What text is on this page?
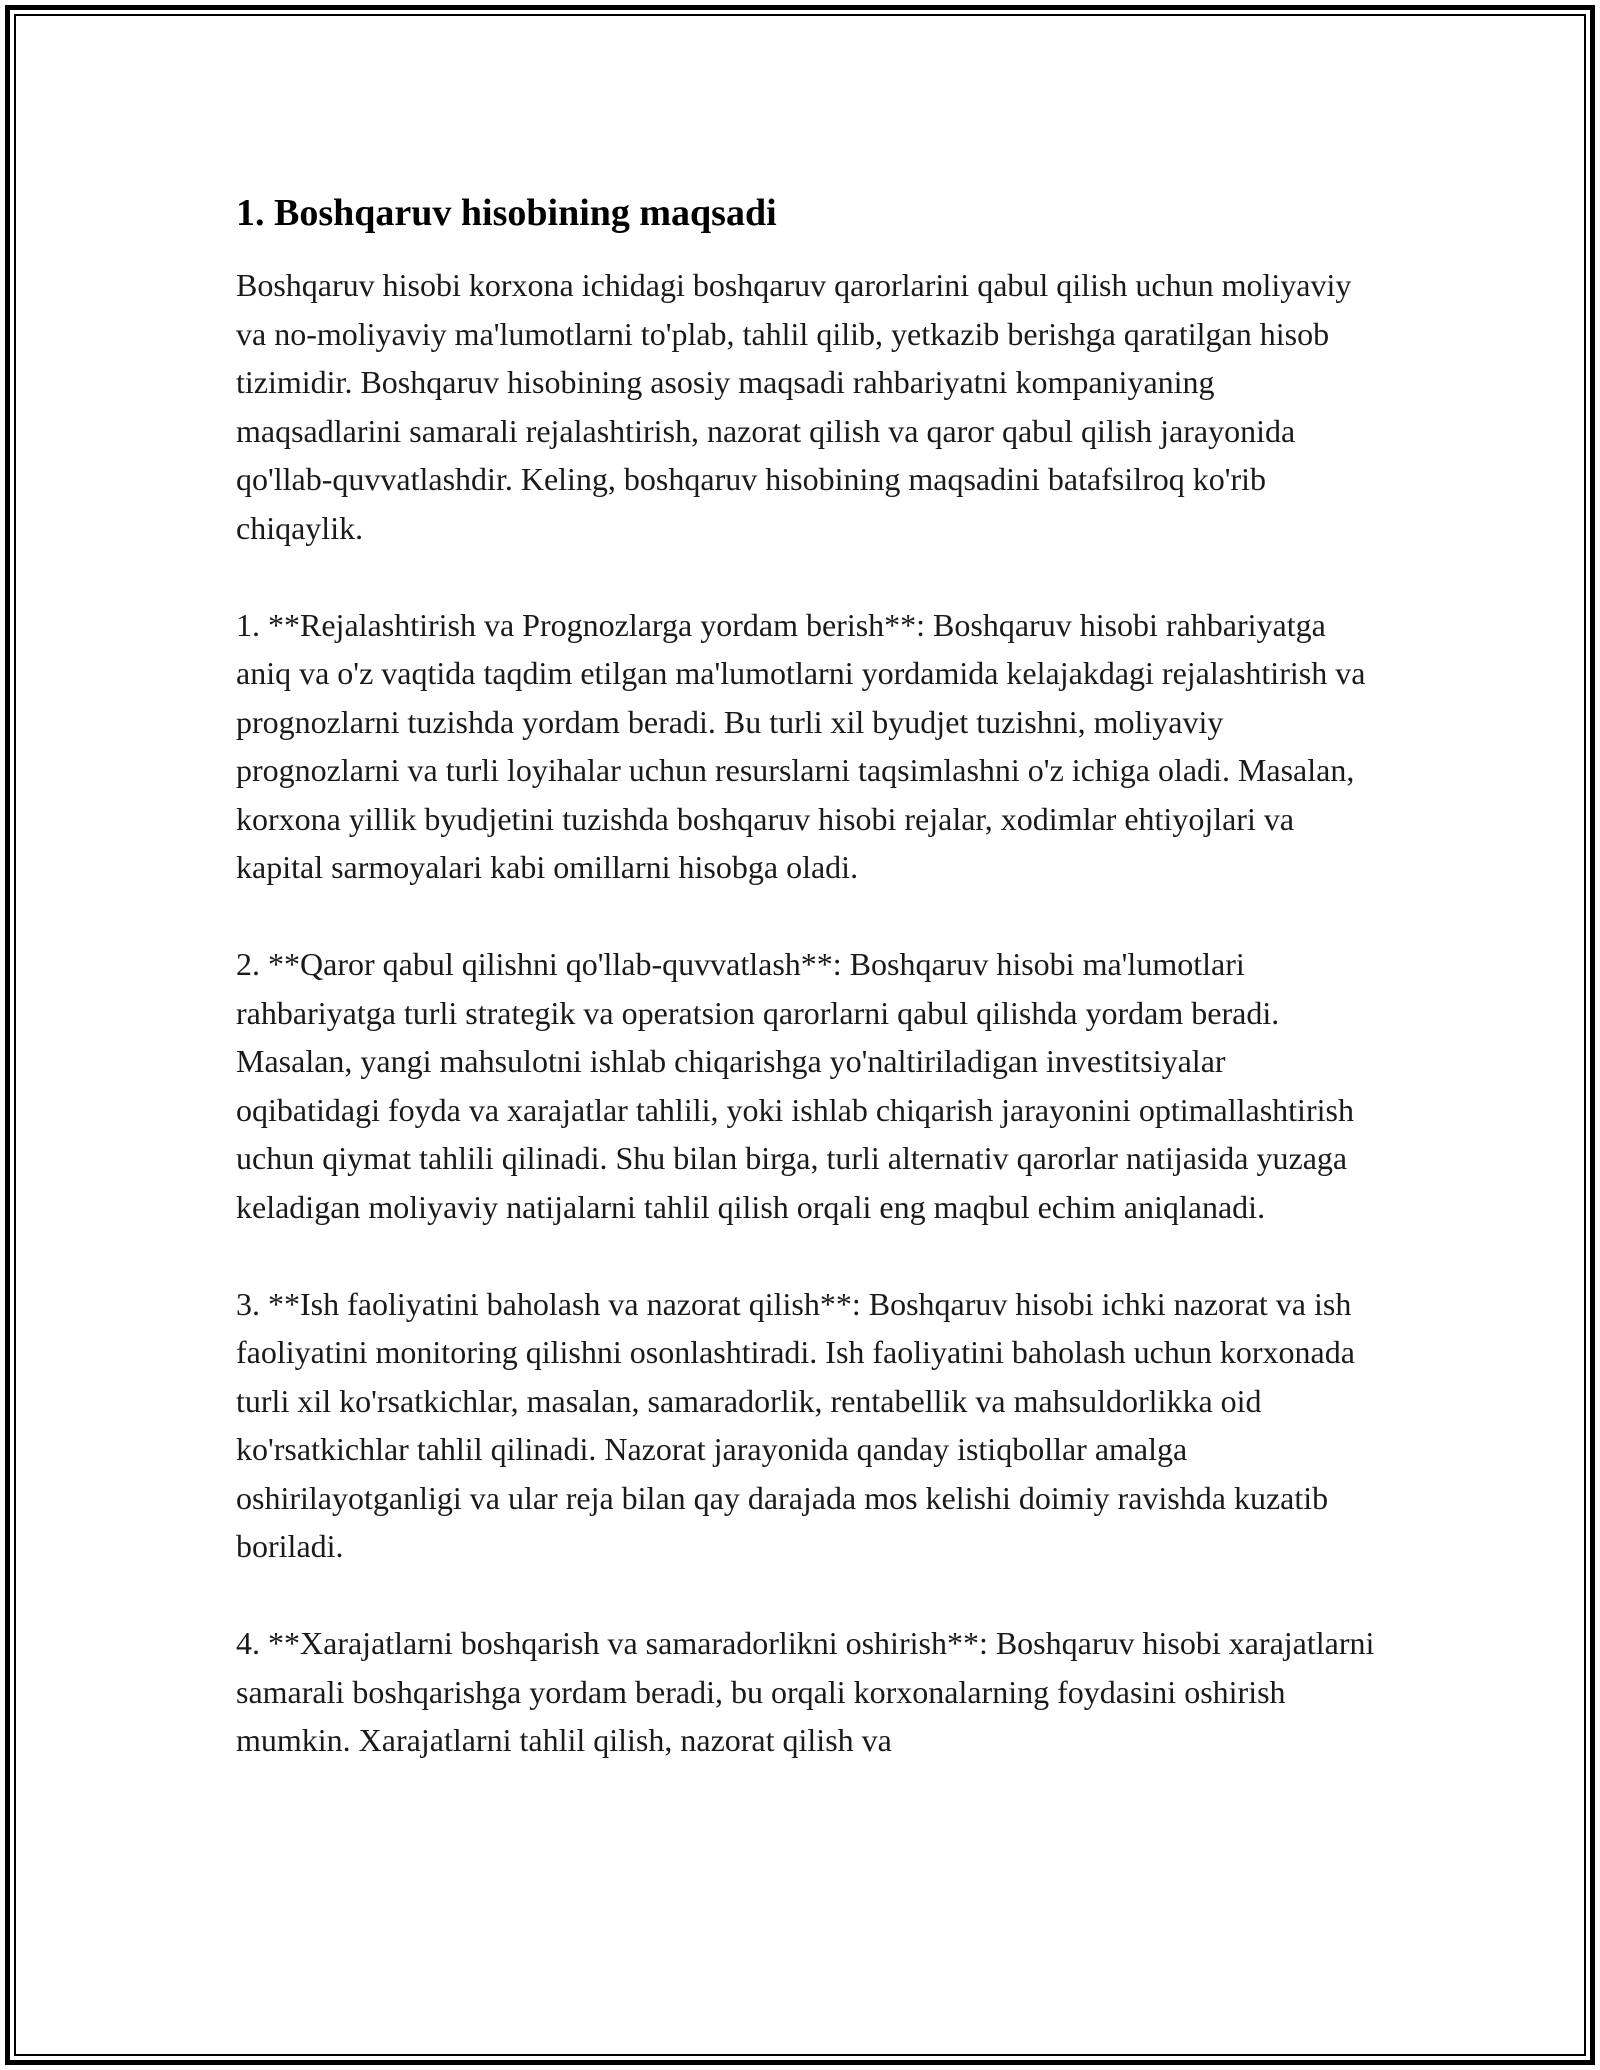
1. Boshqaruv hisobining maqsadi

Boshqaruv hisobi korxona ichidagi boshqaruv qarorlarini qabul qilish uchun moliyaviy va no-moliyaviy ma'lumotlarni to'plab, tahlil qilib, yetkazib berishga qaratilgan hisob tizimidir. Boshqaruv hisobining asosiy maqsadi rahbariyatni kompaniyaning maqsadlarini samarali rejalashtirish, nazorat qilish va qaror qabul qilish jarayonida qo'llab-quvvatlashdir. Keling, boshqaruv hisobining maqsadini batafsilroq ko'rib chiqaylik.

1. **Rejalashtirish va Prognozlarga yordam berish**: Boshqaruv hisobi rahbariyatga aniq va o'z vaqtida taqdim etilgan ma'lumotlarni yordamida kelajakdagi rejalashtirish va prognozlarni tuzishda yordam beradi. Bu turli xil byudjet tuzishni, moliyaviy prognozlarni va turli loyihalar uchun resurslarni taqsimlashni o'z ichiga oladi. Masalan, korxona yillik byudjetini tuzishda boshqaruv hisobi rejalar, xodimlar ehtiyojlari va kapital sarmoyalari kabi omillarni hisobga oladi.

2. **Qaror qabul qilishni qo'llab-quvvatlash**: Boshqaruv hisobi ma'lumotlari rahbariyatga turli strategik va operatsion qarorlarni qabul qilishda yordam beradi. Masalan, yangi mahsulotni ishlab chiqarishga yo'naltiriladigan investitsiyalar oqibatidagi foyda va xarajatlar tahlili, yoki ishlab chiqarish jarayonini optimallashtirish uchun qiymat tahlili qilinadi. Shu bilan birga, turli alternativ qarorlar natijasida yuzaga keladigan moliyaviy natijalarni tahlil qilish orqali eng maqbul echim aniqlanadi.

3. **Ish faoliyatini baholash va nazorat qilish**: Boshqaruv hisobi ichki nazorat va ish faoliyatini monitoring qilishni osonlashtiradi. Ish faoliyatini baholash uchun korxonada turli xil ko'rsatkichlar, masalan, samaradorlik, rentabellik va mahsuldorlikka oid ko'rsatkichlar tahlil qilinadi. Nazorat jarayonida qanday istiqbollar amalga oshirilayotganligi va ular reja bilan qay darajada mos kelishi doimiy ravishda kuzatib boriladi.

4. **Xarajatlarni boshqarish va samaradorlikni oshirish**: Boshqaruv hisobi xarajatlarni samarali boshqarishga yordam beradi, bu orqali korxonalarning foydasini oshirish mumkin. Xarajatlarni tahlil qilish, nazorat qilish va
